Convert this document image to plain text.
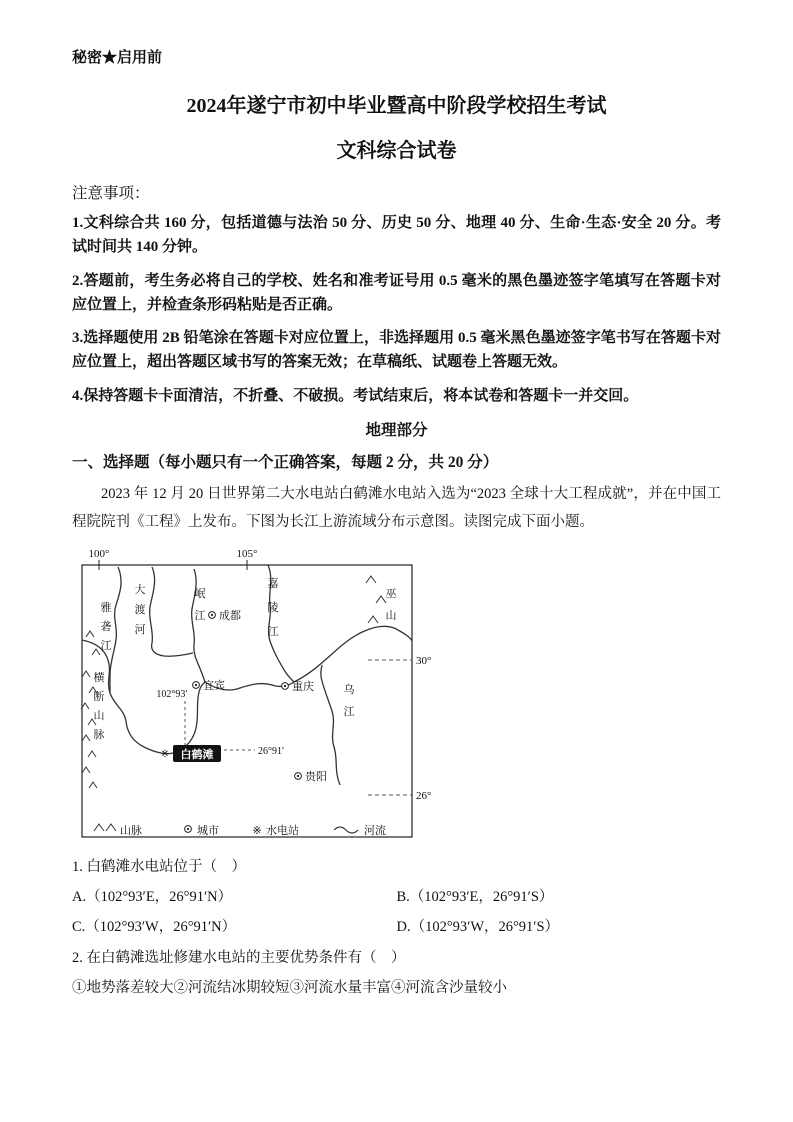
秘密★启用前
2024年遂宁市初中毕业暨高中阶段学校招生考试
文科综合试卷
注意事项：
1.文科综合共 160 分，包括道德与法治 50 分、历史 50 分、地理 40 分、生命·生态·安全 20 分。考试时间共 140 分钟。
2.答题前，考生务必将自己的学校、姓名和准考证号用 0.5 毫米的黑色墨迹签字笔填写在答题卡对应位置上，并检查条形码粘贴是否正确。
3.选择题使用 2B 铅笔涂在答题卡对应位置上，非选择题用 0.5 毫米黑色墨迹签字笔书写在答题卡对应位置上，超出答题区域书写的答案无效；在草稿纸、试题卷上答题无效。
4.保持答题卡卡面清洁，不折叠、不破损。考试结束后，将本试卷和答题卡一并交回。
地理部分
一、选择题（每小题只有一个正确答案，每题 2 分，共 20 分）
2023 年 12 月 20 日世界第二大水电站白鹤滩水电站入选为“2023 全球十大工程成就”，并在中国工程院院刊《工程》上发布。下图为长江上游流域分布示意图。读图完成下面小题。
100°	105°
30°
26°
雅砻江
大渡河
岷江
嘉陵江
乌江
巫山
横断山脉
成都
宜宾	重庆
贵阳
102°93′
26°91′
※ 白鹤滩
山脉	城市	※ 水电站	河流
1. 白鹤滩水电站位于（　）
A.（102°93′E，26°91′N）	B.（102°93′E，26°91′S）
C.（102°93′W，26°91′N）	D.（102°93′W，26°91′S）
2. 在白鹤滩选址修建水电站的主要优势条件有（　）
①地势落差较大②河流结冰期较短③河流水量丰富④河流含沙量较小
